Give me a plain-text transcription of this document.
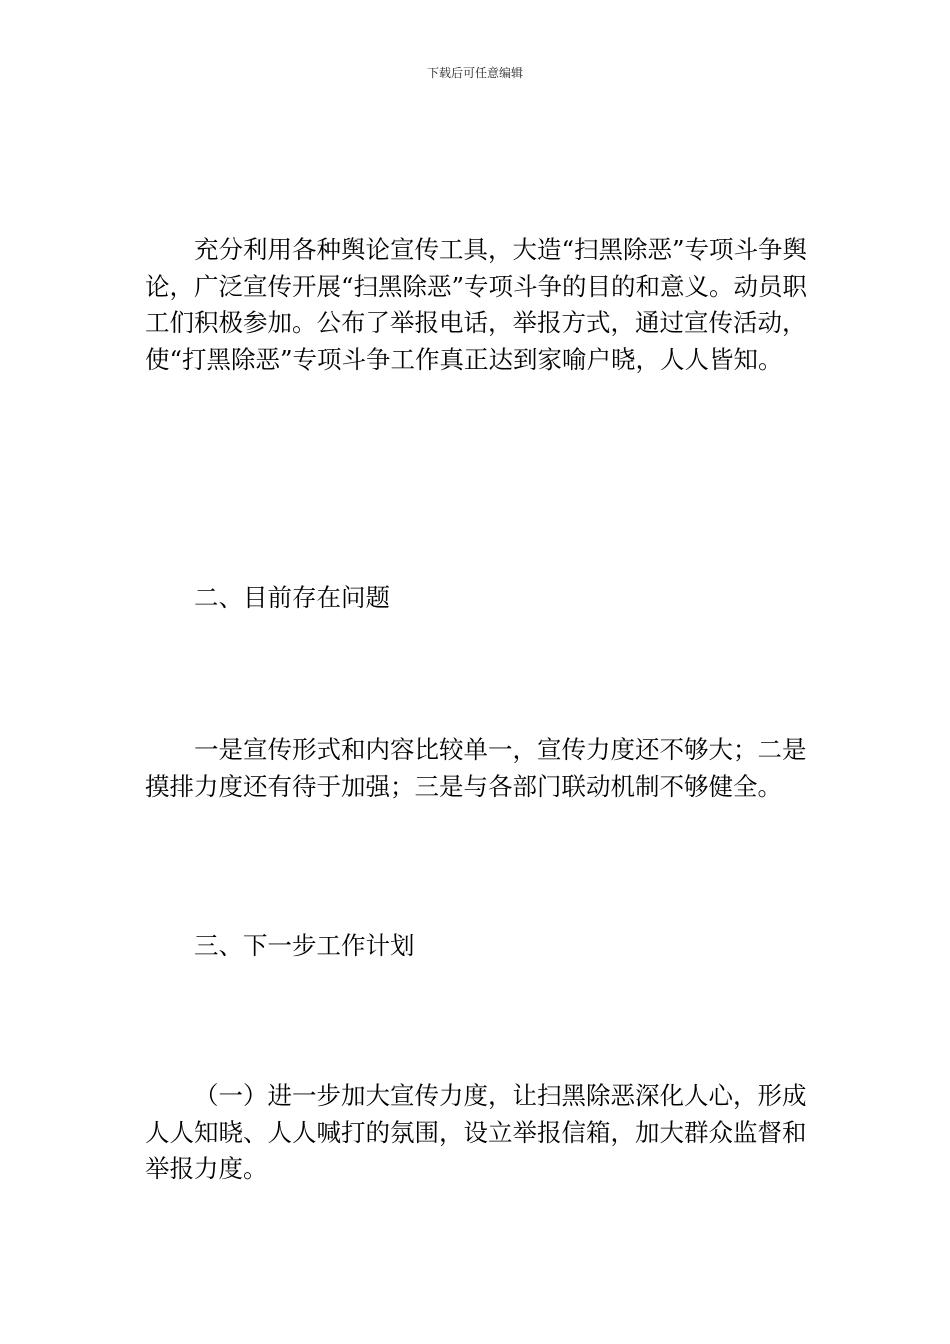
下载后可任意编辑

充分利用各种舆论宣传工具，大造“扫黑除恶”专项斗争舆论，广泛宣传开展“扫黑除恶”专项斗争的目的和意义。动员职工们积极参加。公布了举报电话，举报方式，通过宣传活动，使“打黑除恶”专项斗争工作真正达到家喻户晓，人人皆知。

二、目前存在问题

一是宣传形式和内容比较单一，宣传力度还不够大；二是摸排力度还有待于加强；三是与各部门联动机制不够健全。

三、下一步工作计划

（一）进一步加大宣传力度，让扫黑除恶深化人心，形成人人知晓、人人喊打的氛围，设立举报信箱，加大群众监督和举报力度。
